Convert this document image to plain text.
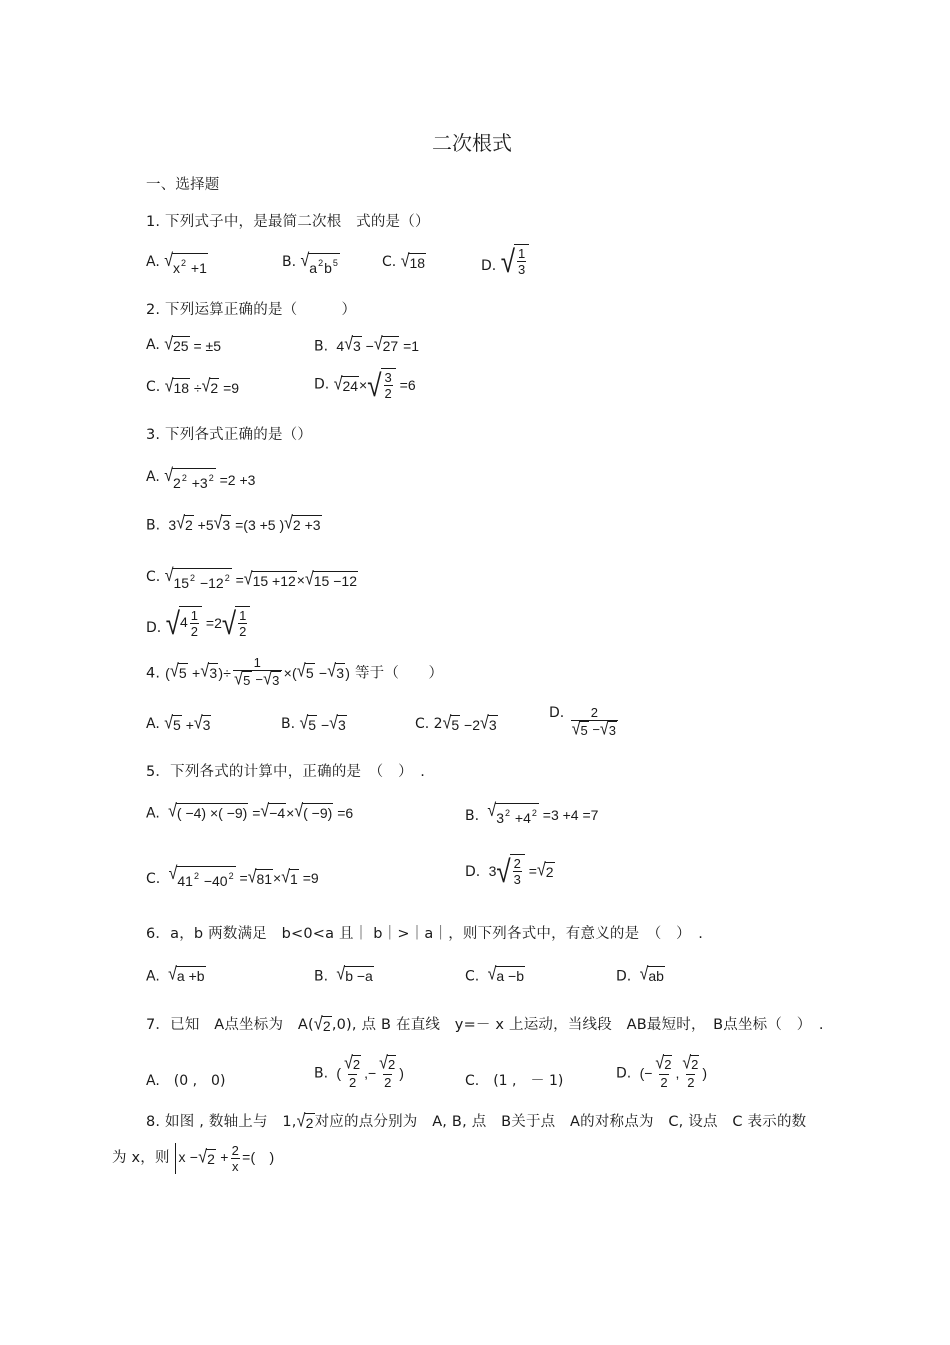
二次根式
一、选择题
1. 下列式子中，是最简二次根　式的是（）
A. √ $x^2 +1$	B. √ $a^2b^5$	C. √ 18	D. √ $\frac{1}{3}$
2. 下列运算正确的是（　　　）
A. √ 25 = ±5	B.  4 √ 3 − √ 27 =1
C. √ 18 ÷ √ 2 =9	D. √ 24 × √ $\frac{3}{2} =6$
3. 下列各式正确的是（）
A. √ $2^2 +3^2 =2 +3$
B.  3 √ 2 +5 √ 3 =(3 +5 ) √ 2 +3
C. √ $15^2 -12^2$ = √ 15 +12 × √ 15 −12
D. √ $4 \frac{1}{2} =2$ √ $\frac{1}{2}$
4. ( √ 5 + √ 3 )÷ $\frac{1}{√ 5 - √ 3}$ ×( √ 5 − √ 3 ) 等于（　　）
A. √ 5 + √ 3	B. √ 5 − √ 3	C. 2 √ 5 −2 √ 3
D. $\frac{2}{√ 5 - √ 3}$
5．下列各式的计算中，正确的是　（　）　.
A. √ ( −4) ×( −9) = √ −4 × √ ( −9) =6	B. √ $3^2 +4^2 =3 +4 =7$
C. √ $41^2 -40^2$ = √ 81 × √ 1 =9	D.  3 √ $\frac{2}{3}$ = √ 2
6．a，b 两数满足　b<0<a 且｜ b｜>｜a｜，则下列各式中，有意义的是　（　）　.
A. √ a +b	B. √ b −a	C. √ a −b	D. √ ab
7．已知　A点坐标为　A( √ 2 ,0), 点 B 在直线　y=－ x 上运动，当线段　AB最短时，　B点坐标（　）　.
A.　(0 ,　0)	B.  ( $\frac{√ 2}{2}$ ,− $\frac{√ 2}{2}$ )
C.　(1 ,　－ 1)	D.  (− $\frac{√ 2}{2}$ , $\frac{√ 2}{2}$ )
8. 如图 , 数轴上与　1, √ 2 对应的点分别为　A, B, 点　B关于点　A的对称点为　C, 设点　C 表示的数
为 x，则 x − √ $2 + \frac{2}{x}$ =(　)
